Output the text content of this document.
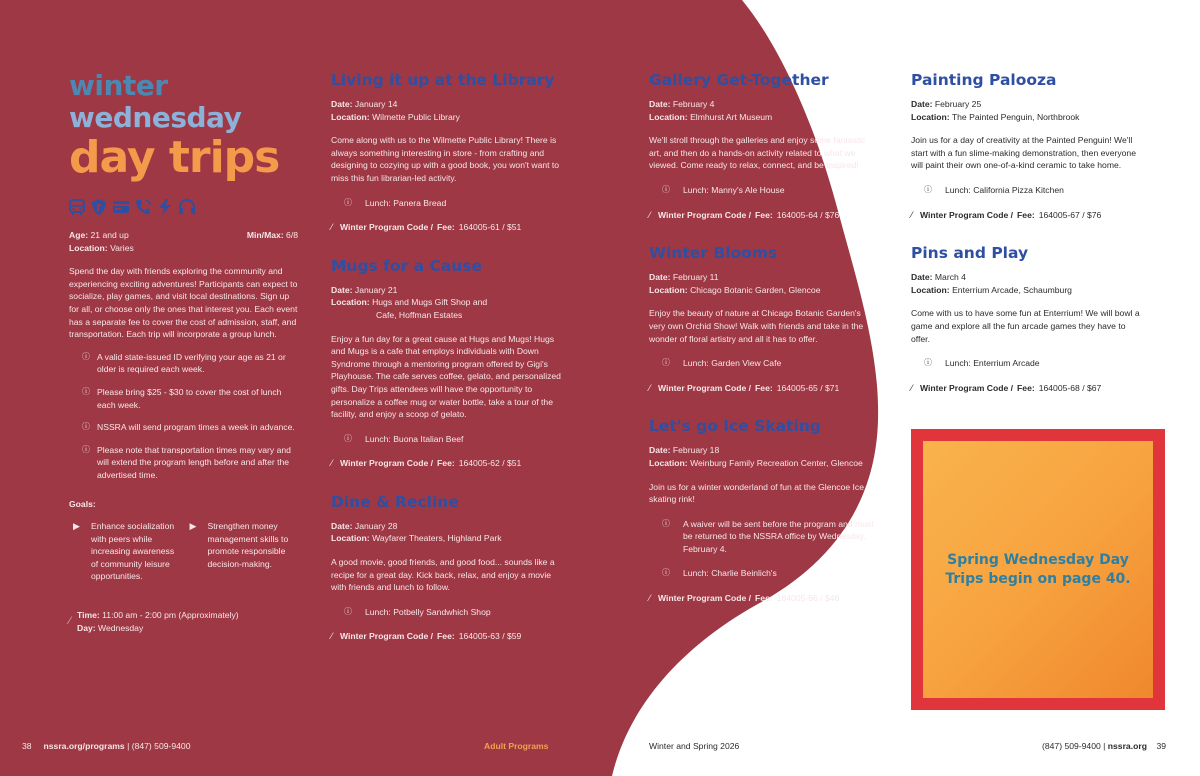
winter
wednesday
day trips
Age: 21 and up	Min/Max: 6/8
Location: Varies

Spend the day with friends exploring the community and experiencing exciting adventures! Participants can expect to socialize, play games, and visit local destinations. Sign up for all, or choose only the ones that interest you. Each event has a separate fee to cover the cost of admission, staff, and transportation. Each trip will incorporate a group lunch.

ⓘ A valid state-issued ID verifying your age as 21 or older is required each week.
ⓘ Please bring $25 - $30 to cover the cost of lunch each week.
ⓘ NSSRA will send program times a week in advance.
ⓘ Please note that transportation times may vary and will extend the program length before and after the advertised time.
Goals:
▶	Enhance socialization with peers while increasing awareness of community leisure opportunities.
▶	Strengthen money management skills to promote responsible decision-making.
⁄ Time: 11:00 am - 2:00 pm (Approximately)
Day: Wednesday
Living it up at the Library
Date: January 14
Location: Wilmette Public Library

Come along with us to the Wilmette Public Library! There is always something interesting in store - from crafting and designing to cozying up with a good book, you won't want to miss this fun librarian-led activity.

ⓘ	Lunch: Panera Bread
⁄ Winter Program Code / Fee: 164005-61 / $51
Mugs for a Cause
Date: January 21
Location: Hugs and Mugs Gift Shop and
Cafe, Hoffman Estates

Enjoy a fun day for a great cause at Hugs and Mugs! Hugs and Mugs is a cafe that employs individuals with Down Syndrome through a mentoring program offered by Gigi's Playhouse. The cafe serves coffee, gelato, and personalized gifts. Day Trips attendees will have the opportunity to personalize a coffee mug or water bottle, take a tour of the facility, and enjoy a scoop of gelato.

ⓘ	Lunch: Buona Italian Beef
⁄ Winter Program Code / Fee: 164005-62 / $51
Dine & Recline
Date: January 28
Location: Wayfarer Theaters, Highland Park

A good movie, good friends, and good food... sounds like a recipe for a great day. Kick back, relax, and enjoy a movie with friends and lunch to follow.

ⓘ	Lunch: Potbelly Sandwhich Shop
⁄ Winter Program Code / Fee: 164005-63 / $59
Gallery Get-Together
Date: February 4
Location: Elmhurst Art Museum

We'll stroll through the galleries and enjoy some fantastic art, and then do a hands-on activity related to what we viewed. Come ready to relax, connect, and be inspired!

ⓘ	Lunch: Manny's Ale House
⁄ Winter Program Code / Fee: 164005-64 / $76
Winter Blooms
Date: February 11
Location: Chicago Botanic Garden, Glencoe

Enjoy the beauty of nature at Chicago Botanic Garden's very own Orchid Show! Walk with friends and take in the wonder of floral artistry and all it has to offer.

ⓘ	Lunch: Garden View Cafe
⁄ Winter Program Code / Fee: 164005-65 / $71
Let's go Ice Skating
Date: February 18
Location: Weinburg Family Recreation Center, Glencoe

Join us for a winter wonderland of fun at the Glencoe Ice skating rink!

ⓘ	A waiver will be sent before the program and must be returned to the NSSRA office by Wednesday, February 4.
ⓘ	Lunch: Charlie Beinlich's
⁄ Winter Program Code / Fee: 164005-66 / $46
Painting Palooza
Date: February 25
Location: The Painted Penguin, Northbrook

Join us for a day of creativity at the Painted Penguin! We'll start with a fun slime-making demonstration, then everyone will paint their own one-of-a-kind ceramic to take home.

ⓘ	Lunch: California Pizza Kitchen
⁄ Winter Program Code / Fee: 164005-67 / $76
Pins and Play
Date: March 4
Location: Enterrium Arcade, Schaumburg

Come with us to have some fun at Enterrium! We will bowl a game and explore all the fun arcade games they have to offer.

ⓘ	Lunch: Enterrium Arcade
⁄ Winter Program Code / Fee: 164005-68 / $67
Spring Wednesday Day Trips begin on page 40.
38 nssra.org/programs | (847) 509-9400	Adult Programs	Winter and Spring 2026	(847) 509-9400 | nssra.org 39
